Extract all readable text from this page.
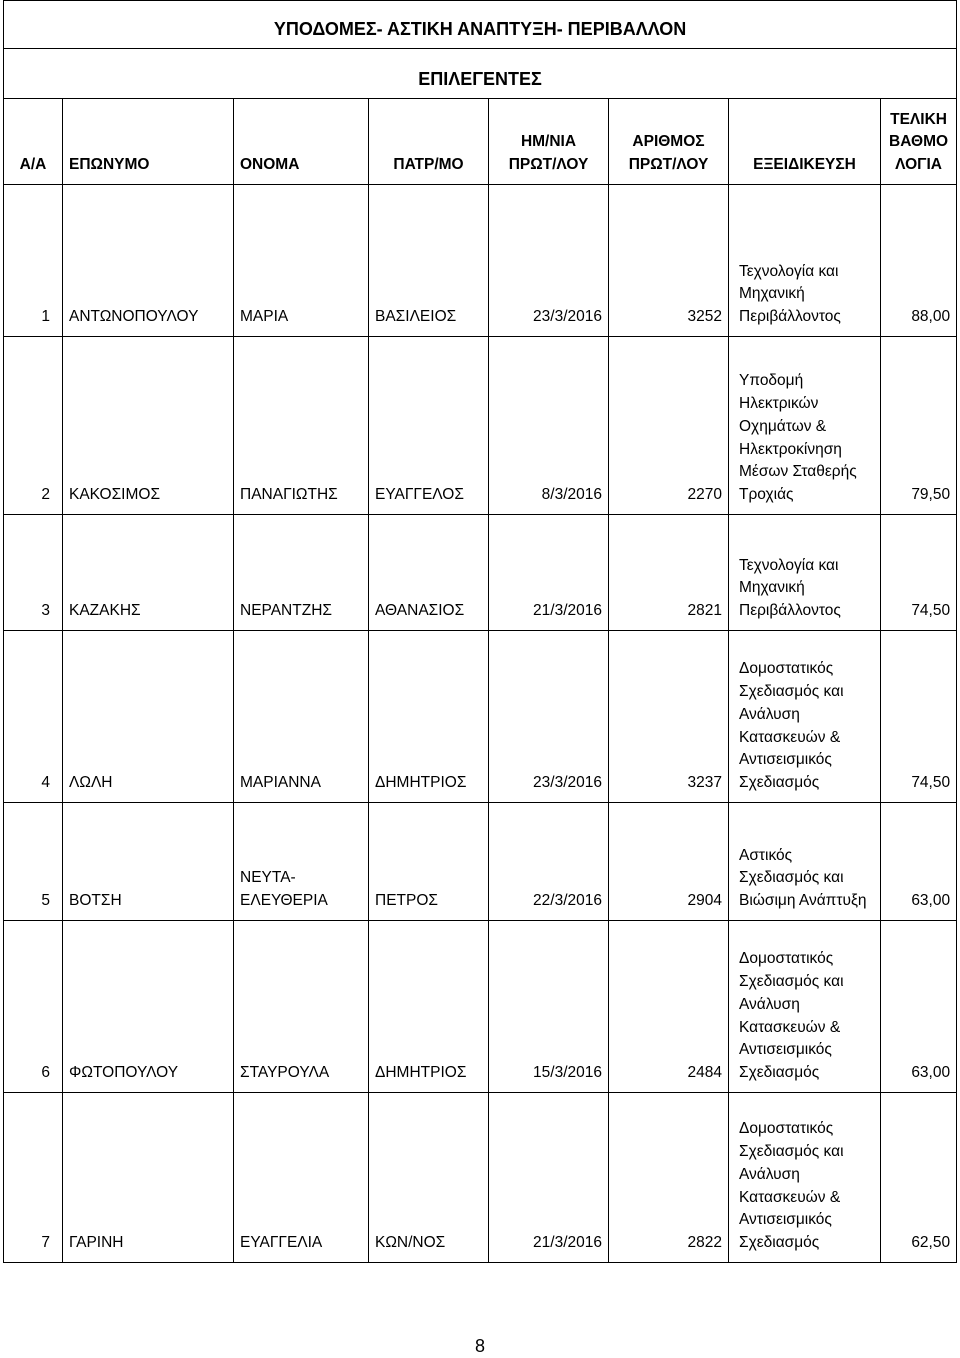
ΥΠΟΔΟΜΕΣ- ΑΣΤΙΚΗ ΑΝΑΠΤΥΞΗ- ΠΕΡΙΒΑΛΛΟΝ							
ΕΠΙΛΕΓΕΝΤΕΣ							
Α/Α	ΕΠΩΝΥΜΟ	ΟΝΟΜΑ	ΠΑΤΡ/ΜΟ	ΗΜ/ΝΙΑ ΠΡΩΤ/ΛΟΥ	ΑΡΙΘΜΟΣ ΠΡΩΤ/ΛΟΥ	ΕΞΕΙΔΙΚΕΥΣΗ	ΤΕΛΙΚΗ ΒΑΘΜΟ ΛΟΓΙΑ
1	ΑΝΤΩΝΟΠΟΥΛΟΥ	ΜΑΡΙΑ	ΒΑΣΙΛΕΙΟΣ	23/3/2016	3252	Τεχνολογία και Μηχανική Περιβάλλοντος	88,00
2	ΚΑΚΟΣΙΜΟΣ	ΠΑΝΑΓΙΩΤΗΣ	ΕΥΑΓΓΕΛΟΣ	8/3/2016	2270	Υποδομή Ηλεκτρικών Οχημάτων & Ηλεκτροκίνηση Μέσων Σταθερής Τροχιάς	79,50
3	ΚΑΖΑΚΗΣ	ΝΕΡΑΝΤΖΗΣ	ΑΘΑΝΑΣΙΟΣ	21/3/2016	2821	Τεχνολογία και Μηχανική Περιβάλλοντος	74,50
4	ΛΩΛΗ	ΜΑΡΙΑΝΝΑ	ΔΗΜΗΤΡΙΟΣ	23/3/2016	3237	Δομοστατικός Σχεδιασμός και Ανάλυση Κατασκευών & Αντισεισμικός Σχεδιασμός	74,50
5	ΒΟΤΣΗ	ΝΕΥΤΑ- ΕΛΕΥΘΕΡΙΑ	ΠΕΤΡΟΣ	22/3/2016	2904	Αστικός Σχεδιασμός και Βιώσιμη Ανάπτυξη	63,00
6	ΦΩΤΟΠΟΥΛΟΥ	ΣΤΑΥΡΟΥΛΑ	ΔΗΜΗΤΡΙΟΣ	15/3/2016	2484	Δομοστατικός Σχεδιασμός και Ανάλυση Κατασκευών & Αντισεισμικός Σχεδιασμός	63,00
7	ΓΑΡΙΝΗ	ΕΥΑΓΓΕΛΙΑ	ΚΩΝ/ΝΟΣ	21/3/2016	2822	Δομοστατικός Σχεδιασμός και Ανάλυση Κατασκευών & Αντισεισμικός Σχεδιασμός	62,50
8
